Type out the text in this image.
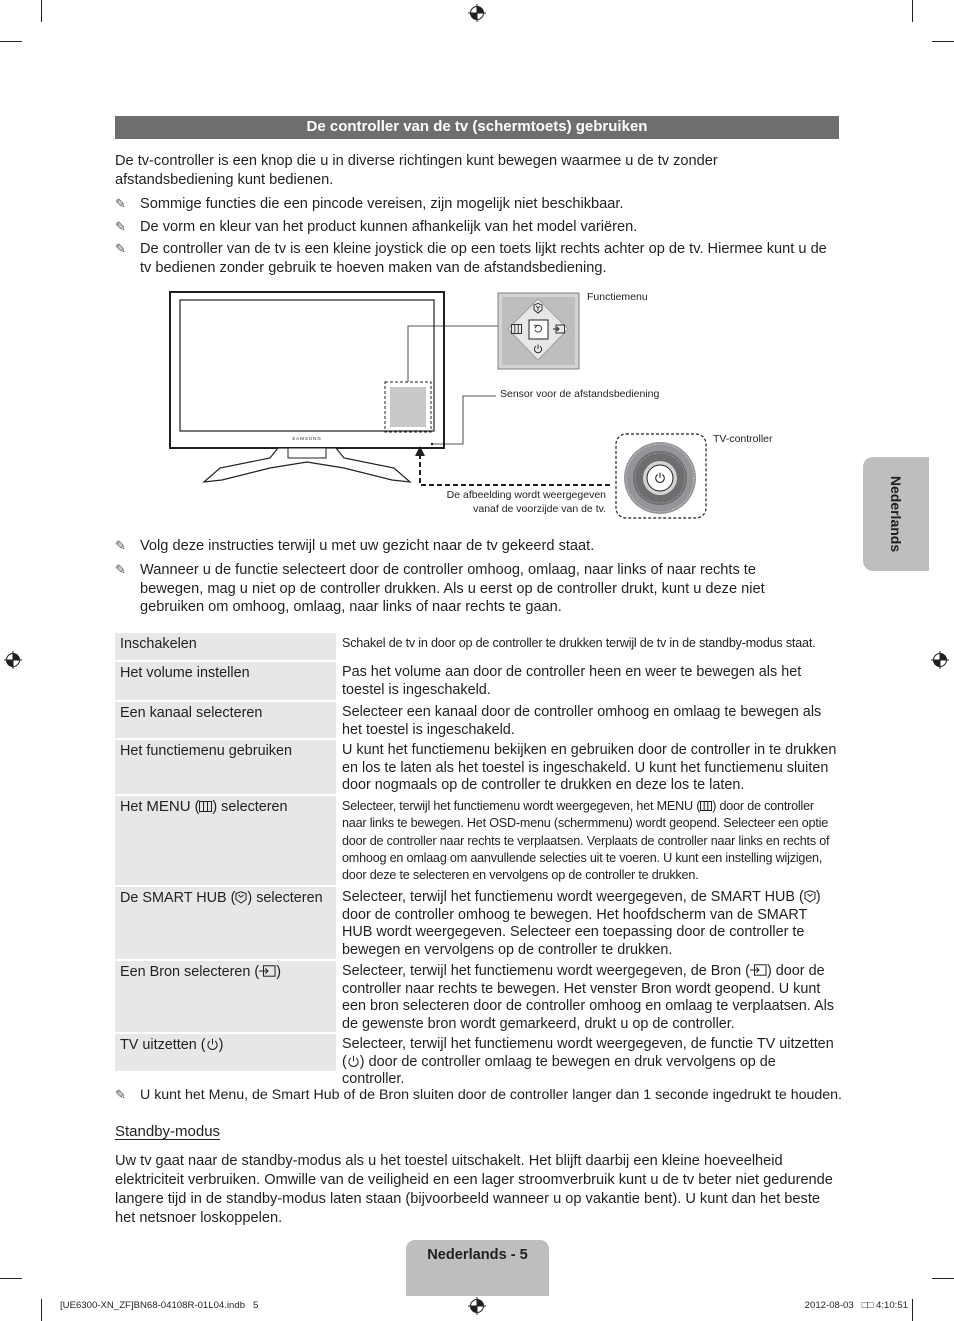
De controller van de tv (schermtoets) gebruiken
De tv-controller is een knop die u in diverse richtingen kunt bewegen waarmee u de tv zonder afstandsbediening kunt bedienen.
✎ Sommige functies die een pincode vereisen, zijn mogelijk niet beschikbaar.
✎ De vorm en kleur van het product kunnen afhankelijk van het model variëren.
✎ De controller van de tv is een kleine joystick die op een toets lijkt rechts achter op de tv. Hiermee kunt u de tv bedienen zonder gebruik te hoeven maken van de afstandsbediening.
SAMSUNG
Functiemenu
Sensor voor de afstandsbediening
TV-controller
De afbeelding wordt weergegeven
vanaf de voorzijde van de tv.
✎ Volg deze instructies terwijl u met uw gezicht naar de tv gekeerd staat.
✎ Wanneer u de functie selecteert door de controller omhoog, omlaag, naar links of naar rechts te bewegen, mag u niet op de controller drukken. Als u eerst op de controller drukt, kunt u deze niet gebruiken om omhoog, omlaag, naar links of naar rechts te gaan.
Inschakelen	Schakel de tv in door op de controller te drukken terwijl de tv in de standby-modus staat.
Het volume instellen	Pas het volume aan door de controller heen en weer te bewegen als het toestel is ingeschakeld.
Een kanaal selecteren	Selecteer een kanaal door de controller omhoog en omlaag te bewegen als het toestel is ingeschakeld.
Het functiemenu gebruiken	U kunt het functiemenu bekijken en gebruiken door de controller in te drukken en los te laten als het toestel is ingeschakeld. U kunt het functiemenu sluiten door nogmaals op de controller te drukken en deze los te laten.
Het MENU ( ) selecteren	Selecteer, terwijl het functiemenu wordt weergegeven, het MENU ( ) door de controller naar links te bewegen. Het OSD-menu (schermmenu) wordt geopend. Selecteer een optie door de controller naar rechts te verplaatsen. Verplaats de controller naar links en rechts of omhoog en omlaag om aanvullende selecties uit te voeren. U kunt een instelling wijzigen, door deze te selecteren en vervolgens op de controller te drukken.
De SMART HUB ( ) selecteren	Selecteer, terwijl het functiemenu wordt weergegeven, de SMART HUB ( ) door de controller omhoog te bewegen. Het hoofdscherm van de SMART HUB wordt weergegeven. Selecteer een toepassing door de controller te bewegen en vervolgens op de controller te drukken.
Een Bron selecteren ( )	Selecteer, terwijl het functiemenu wordt weergegeven, de Bron ( ) door de controller naar rechts te bewegen. Het venster Bron wordt geopend. U kunt een bron selecteren door de controller omhoog en omlaag te verplaatsen. Als de gewenste bron wordt gemarkeerd, drukt u op de controller.
TV uitzetten ( )	Selecteer, terwijl het functiemenu wordt weergegeven, de functie TV uitzetten
( ) door de controller omlaag te bewegen en druk vervolgens op de controller.
✎ U kunt het Menu, de Smart Hub of de Bron sluiten door de controller langer dan 1 seconde ingedrukt te houden.
Standby-modus
Uw tv gaat naar de standby-modus als u het toestel uitschakelt. Het blijft daarbij een kleine hoeveelheid elektriciteit verbruiken. Omwille van de veiligheid en een lager stroomverbruik kunt u de tv beter niet gedurende langere tijd in de standby-modus laten staan (bijvoorbeeld wanneer u op vakantie bent). U kunt dan het beste het netsnoer loskoppelen.
Nederlands
Nederlands - 5
[UE6300-XN_ZF]BN68-04108R-01L04.indb   5	2012-08-03   □□ 4:10:51
